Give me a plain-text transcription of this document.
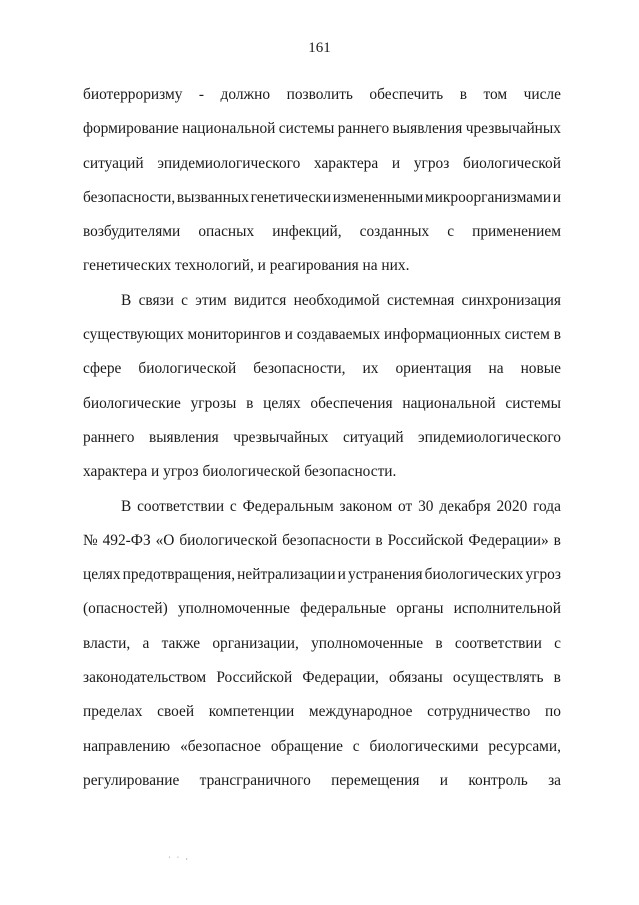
161
биотерроризму - должно позволить обеспечить в том числе
формирование национальной системы раннего выявления чрезвычайных
ситуаций эпидемиологического характера и угроз биологической
безопасности, вызванных генетически измененными микроорганизмами и
возбудителями опасных инфекций, созданных с применением
генетических технологий, и реагирования на них.
В связи с этим видится необходимой системная синхронизация
существующих мониторингов и создаваемых информационных систем в
сфере биологической безопасности, их ориентация на новые
биологические угрозы в целях обеспечения национальной системы
раннего выявления чрезвычайных ситуаций эпидемиологического
характера и угроз биологической безопасности.
В соответствии с Федеральным законом от 30 декабря 2020 года
№ 492-ФЗ «О биологической безопасности в Российской Федерации» в
целях предотвращения, нейтрализации и устранения биологических угроз
(опасностей) уполномоченные федеральные органы исполнительной
власти, а также организации, уполномоченные в соответствии с
законодательством Российской Федерации, обязаны осуществлять в
пределах своей компетенции международное сотрудничество по
направлению «безопасное обращение с биологическими ресурсами,
регулирование трансграничного перемещения и контроль за
˙ ˙ ·
